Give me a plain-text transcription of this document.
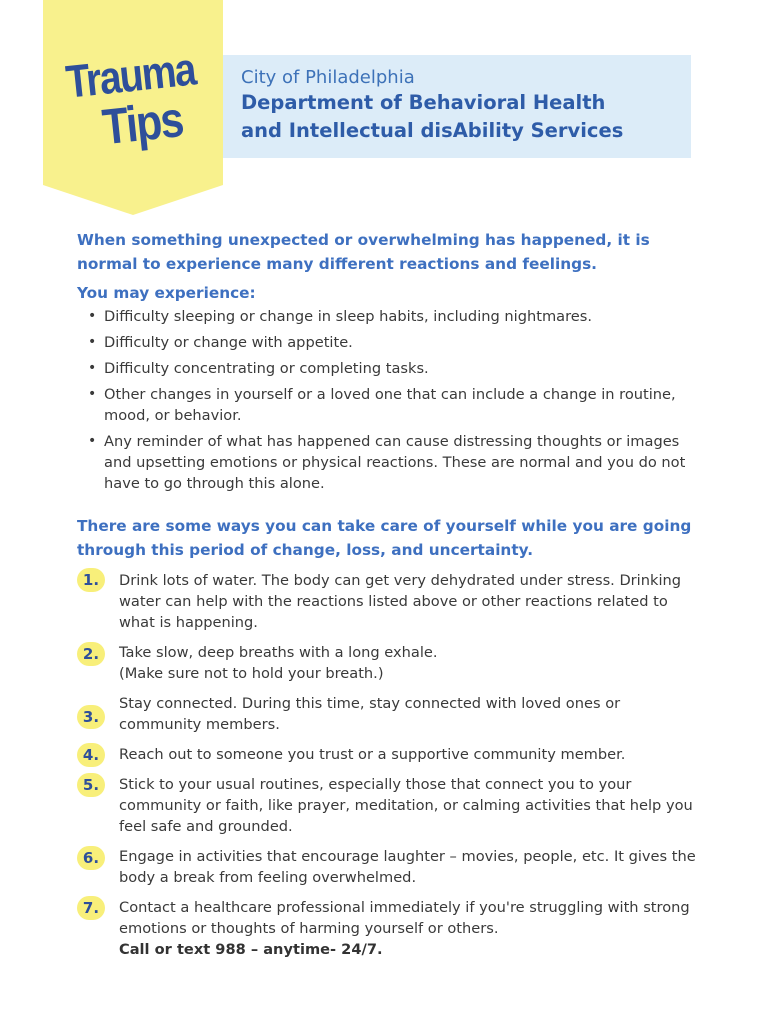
Trauma
Tips
City of Philadelphia
Department of Behavioral Health
and Intellectual disAbility Services

When something unexpected or overwhelming has happened, it is normal to experience many different reactions and feelings.

You may experience:

• Difficulty sleeping or change in sleep habits, including nightmares.
• Difficulty or change with appetite.
• Difficulty concentrating or completing tasks.
• Other changes in yourself or a loved one that can include a change in routine, mood, or behavior.
• Any reminder of what has happened can cause distressing thoughts or images and upsetting emotions or physical reactions. These are normal and you do not have to go through this alone.

There are some ways you can take care of yourself while you are going through this period of change, loss, and uncertainty.

1.	Drink lots of water. The body can get very dehydrated under stress. Drinking water can help with the reactions listed above or other reactions related to what is happening.
2.	Take slow, deep breaths with a long exhale.
(Make sure not to hold your breath.)
3.
Stay connected. During this time, stay connected with loved ones or community members.
4.	Reach out to someone you trust or a supportive community member.
5.	Stick to your usual routines, especially those that connect you to your community or faith, like prayer, meditation, or calming activities that help you feel safe and grounded.
6.	Engage in activities that encourage laughter – movies, people, etc. It gives the body a break from feeling overwhelmed.
7.	Contact a healthcare professional immediately if you're struggling with strong emotions or thoughts of harming yourself or others.
Call or text 988 – anytime- 24/7.
